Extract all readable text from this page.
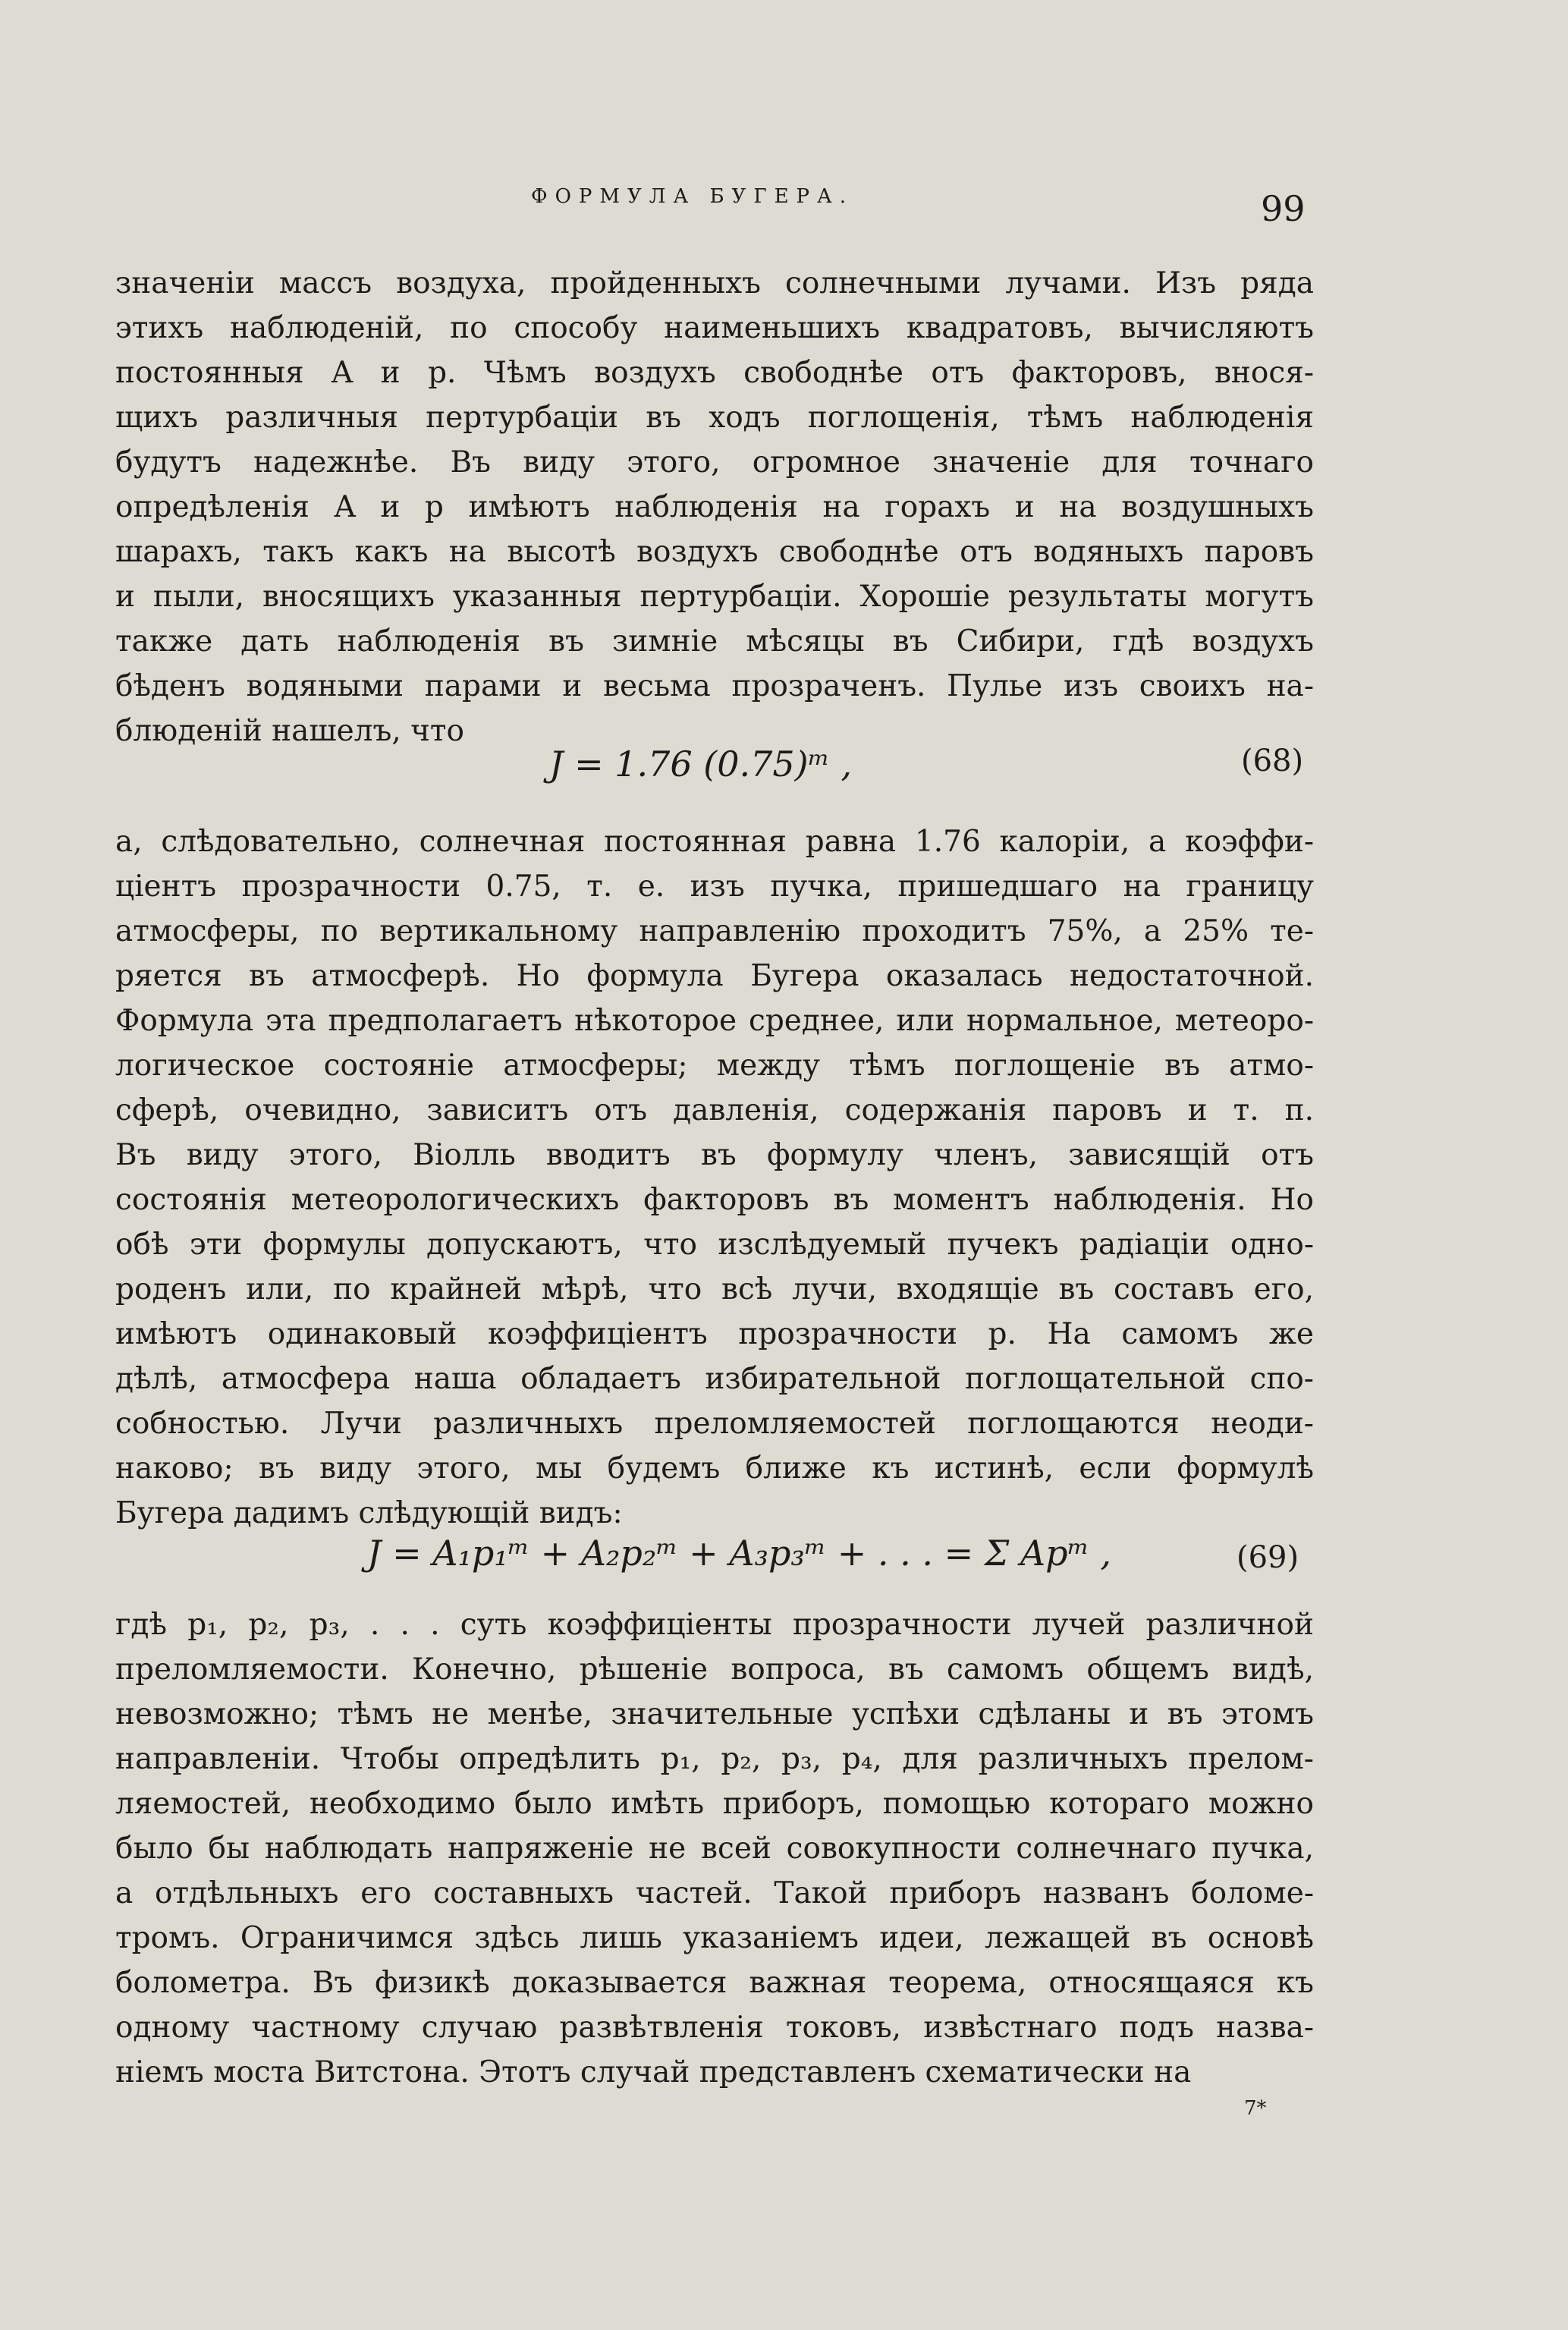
ФОРМУЛА БУГЕРА.	99
значенiи массъ воздуха, пройденныхъ солнечными лучами. Изъ ряда
этихъ наблюденiй, по способу наименьшихъ квадратовъ, вычисляютъ
постоянныя A и p. Чѣмъ воздухъ свободнѣе отъ факторовъ, внося-
щихъ различныя пертурбацiи въ ходъ поглощенiя, тѣмъ наблюденiя
будутъ надежнѣе. Въ виду этого, огромное значенiе для точнаго
опредѣленiя A и p имѣютъ наблюденiя на горахъ и на воздушныхъ
шарахъ, такъ какъ на высотѣ воздухъ свободнѣе отъ водяныхъ паровъ
и пыли, вносящихъ указанныя пертурбацiи. Хорошiе результаты могутъ
также дать наблюденiя въ зимнiе мѣсяцы въ Сибири, гдѣ воздухъ
бѣденъ водяными парами и весьма прозраченъ. Пулье изъ своихъ на-
блюденiй нашелъ, что
J = 1.76 (0.75)ᵐ ,	(68)
а, слѣдовательно, солнечная постоянная равна 1.76 калорiи, а коэффи-
цiентъ прозрачности 0.75, т. е. изъ пучка, пришедшаго на границу
атмосферы, по вертикальному направленiю проходитъ 75%, а 25% те-
ряется въ атмосферѣ. Но формула Бугера оказалась недостаточной.
Формула эта предполагаетъ нѣкоторое среднее, или нормальное, метеоро-
логическое состоянiе атмосферы; между тѣмъ поглощенiе въ атмо-
сферѣ, очевидно, зависитъ отъ давленiя, содержанiя паровъ и т. п.
Въ виду этого, Вiолль вводитъ въ формулу членъ, зависящiй отъ
состоянiя метеорологическихъ факторовъ въ моментъ наблюденiя. Но
обѣ эти формулы допускаютъ, что изслѣдуемый пучекъ радiацiи одно-
роденъ или, по крайней мѣрѣ, что всѣ лучи, входящiе въ составъ его,
имѣютъ одинаковый коэффицiентъ прозрачности p. На самомъ же
дѣлѣ, атмосфера наша обладаетъ избирательной поглощательной спо-
собностью. Лучи различныхъ преломляемостей поглощаются неоди-
наково; въ виду этого, мы будемъ ближе къ истинѣ, если формулѣ
Бугера дадимъ слѣдующiй видъ:
J = A₁p₁ᵐ + A₂p₂ᵐ + A₃p₃ᵐ + . . . = Σ Apᵐ ,	(69)
гдѣ p₁, p₂, p₃, . . . суть коэффицiенты прозрачности лучей различной
преломляемости. Конечно, рѣшенiе вопроса, въ самомъ общемъ видѣ,
невозможно; тѣмъ не менѣе, значительные успѣхи сдѣланы и въ этомъ
направленiи. Чтобы опредѣлить p₁, p₂, p₃, p₄, для различныхъ прелом-
ляемостей, необходимо было имѣть приборъ, помощью котораго можно
было бы наблюдать напряженiе не всей совокупности солнечнаго пучка,
а отдѣльныхъ его составныхъ частей. Такой приборъ названъ боломе-
тромъ. Ограничимся здѣсь лишь указанiемъ идеи, лежащей въ основѣ
болометра. Въ физикѣ доказывается важная теорема, относящаяся къ
одному частному случаю развѣтвленiя токовъ, извѣстнаго подъ назва-
нiемъ моста Витстона. Этотъ случай представленъ схематически на
7*
